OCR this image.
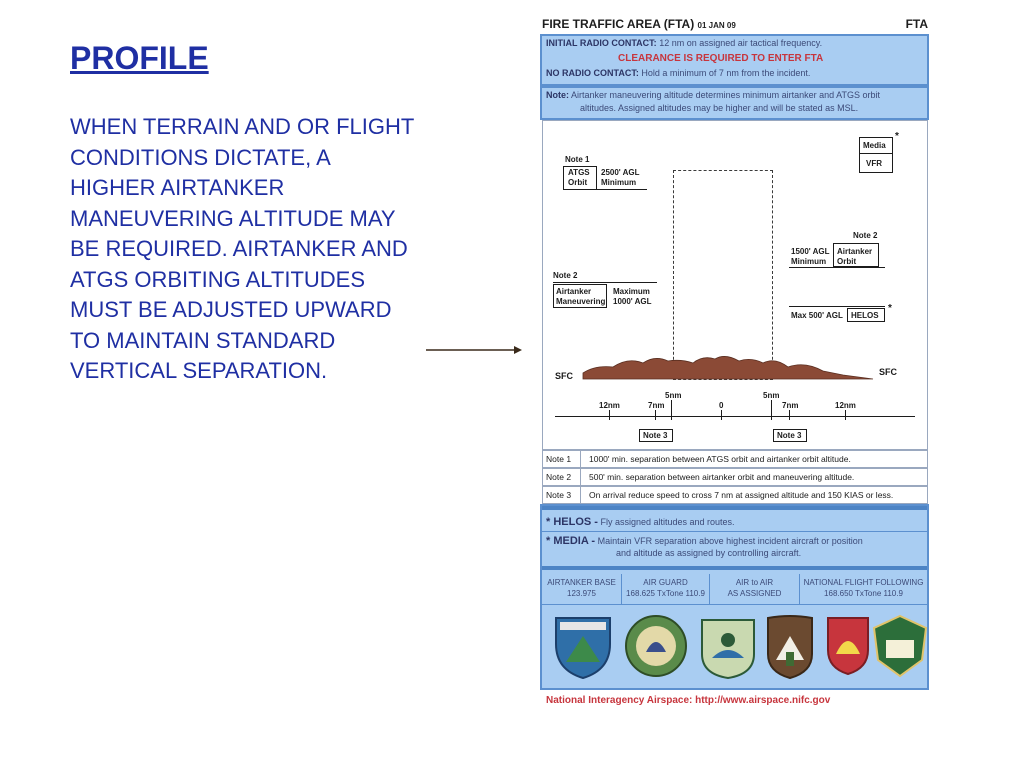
PROFILE
WHEN TERRAIN AND OR FLIGHT CONDITIONS DICTATE, A HIGHER AIRTANKER MANEUVERING ALTITUDE MAY BE REQUIRED. AIRTANKER AND ATGS ORBITING ALTITUDES MUST BE ADJUSTED UPWARD TO MAINTAIN STANDARD VERTICAL SEPARATION.
FIRE TRAFFIC AREA (FTA) 01 JAN 09	FTA
INITIAL RADIO CONTACT: 12 nm on assigned air tactical frequency.
CLEARANCE IS REQUIRED TO ENTER FTA
NO RADIO CONTACT: Hold a minimum of 7 nm from the incident.
Note: Airtanker maneuvering altitude determines minimum airtanker and ATGS orbit
altitudes. Assigned altitudes may be higher and will be stated as MSL.
Note 1
ATGS
Orbit
2500' AGL
Minimum
Media
VFR
*
Note 2
1500' AGL
Minimum
Airtanker
Orbit
Note 2
Airtanker
Maneuvering
Maximum
1000' AGL
Max 500' AGL HELOS
*
SFC	SFC
5nm	5nm
12nm	7nm	0	7nm	12nm
Note 3	Note 3
Note 1 1000' min. separation between ATGS orbit and airtanker orbit altitude.
Note 2 500' min. separation between airtanker orbit and maneuvering altitude.
Note 3 On arrival reduce speed to cross 7 nm at assigned altitude and 150 KIAS or less.
* HELOS - Fly assigned altitudes and routes.
* MEDIA - Maintain VFR separation above highest incident aircraft or position
and altitude as assigned by controlling aircraft.
AIRTANKER BASE
123.975
AIR GUARD
168.625 TxTone 110.9
AIR to AIR
AS ASSIGNED
NATIONAL FLIGHT FOLLOWING
168.650 TxTone 110.9
National Interagency Airspace: http://www.airspace.nifc.gov
